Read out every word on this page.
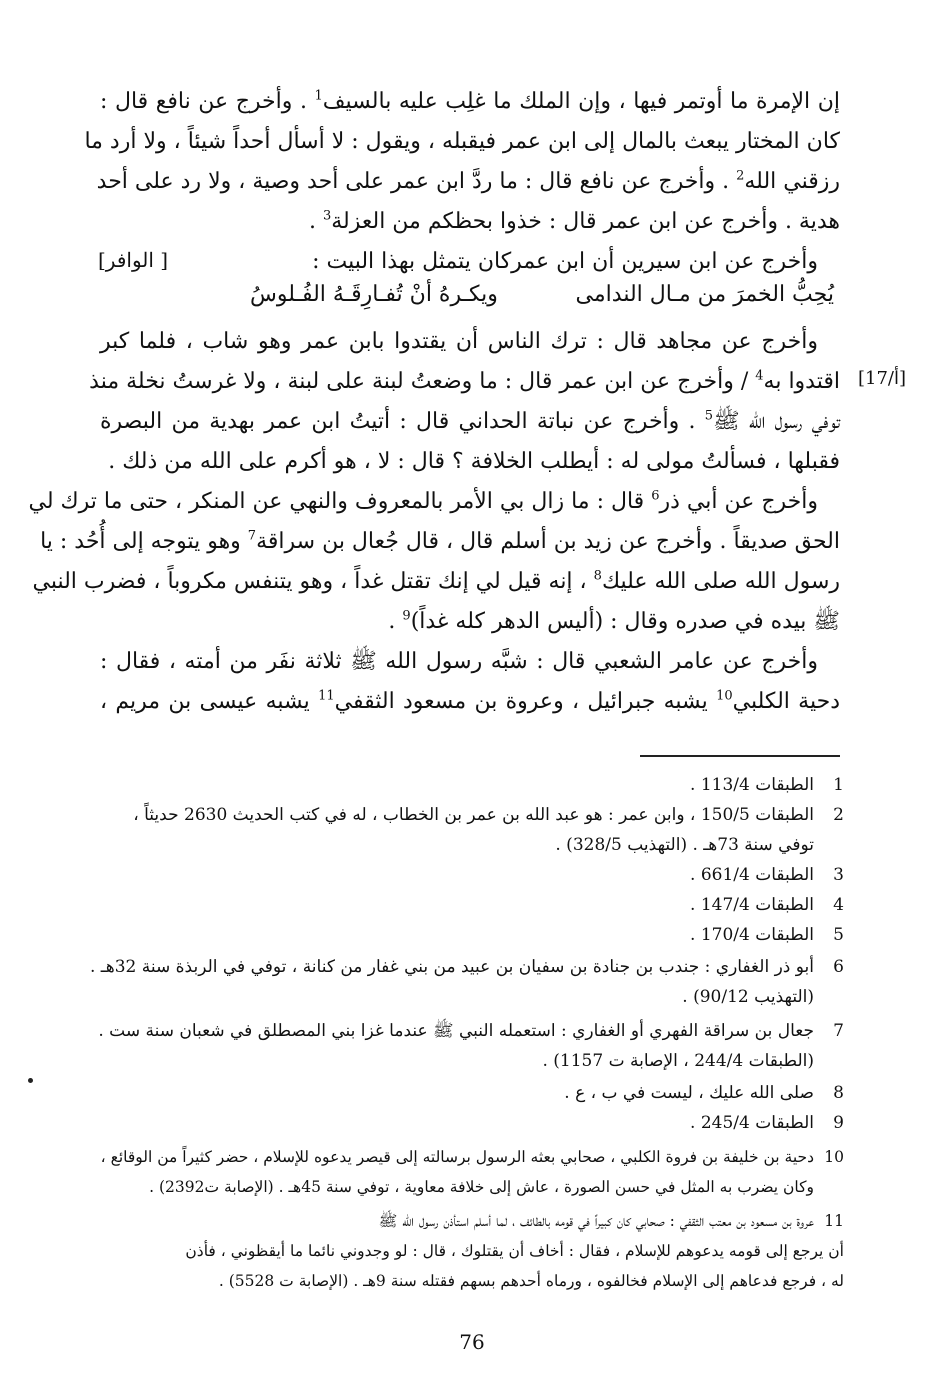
إن الإمرة ما أوتمر فيها ، وإن الملك ما غلِب عليه بالسيف$^1$ . وأخرج عن نافع قال :
كان المختار يبعث بالمال إلى ابن عمر فيقبله ، ويقول : لا أسأل أحداً شيئاً ، ولا أرد ما
رزقني الله$^2$ . وأخرج عن نافع قال : ما ردَّ ابن عمر على أحد وصية ، ولا رد على أحد
هدية . وأخرج عن ابن عمر قال : خذوا بحظكم من العزلة$^3$ .
وأخرج عن ابن سيرين أن ابن عمركان يتمثل بهذا البيت :
وأخرج عن مجاهد قال : ترك الناس أن يقتدوا بابن عمر وهو شاب ، فلما كبر
اقتدوا به$^4$ / وأخرج عن ابن عمر قال : ما وضعتُ لبنة على لبنة ، ولا غرستُ نخلة منذ
توفي رسول الله ﷺ$^5$ . وأخرج عن نباتة الحداني قال : أتيتُ ابن عمر بهدية من البصرة
فقبلها ، فسألتُ مولى له : أيطلب الخلافة ؟ قال : لا ، هو أكرم على الله من ذلك .
وأخرج عن أبي ذر$^6$ قال : ما زال بي الأمر بالمعروف والنهي عن المنكر ، حتى ما ترك لي
الحق صديقاً . وأخرج عن زيد بن أسلم قال ، قال جُعال بن سراقة$^7$ وهو يتوجه إلى أُحُد : يا
رسول الله صلى الله عليك$^8$ ، إنه قيل لي إنك تقتل غداً ، وهو يتنفس مكروباً ، فضرب النبي
ﷺ بيده في صدره وقال : (أليس الدهر كله غداً)$^9$ .
وأخرج عن عامر الشعبي قال : شبَّه رسول الله ﷺ ثلاثة نفَر من أمته ، فقال :
دحية الكلبي$^{10}$ يشبه جبرائيل ، وعروة بن مسعود الثقفي$^{11}$ يشبه عيسى بن مريم ،
[ الوافر]
يُحِبُّ الخمرَ من مـال الندامى
ويكـرهُ أنْ تُفـارِقَـهُ الفُـلوسُ
[17/أ]
1
الطبقات 113/4 .
2
الطبقات 150/5 ، وابن عمر : هو عبد الله بن عمر بن الخطاب ، له في كتب الحديث 2630 حديثاً ،
توفي سنة 73هـ . (التهذيب 328/5) .
3
الطبقات 661/4 .
4
الطبقات 147/4 .
5
الطبقات 170/4 .
6
أبو ذر الغفاري : جندب بن جنادة بن سفيان بن عبيد من بني غفار من كنانة ، توفي في الربذة سنة 32هـ .
(التهذيب 90/12) .
7
جعال بن سراقة الفهري أو الغفاري : استعمله النبي ﷺ عندما غزا بني المصطلق في شعبان سنة ست .
(الطبقات 244/4 ، الإصابة ت 1157) .
8
صلى الله عليك ، ليست في ب ، ع .
9
الطبقات 245/4 .
10
دحية بن خليفة بن فروة الكلبي ، صحابي بعثه الرسول برسالته إلى قيصر يدعوه للإسلام ، حضر كثيراً من الوقائع ،
وكان يضرب به المثل في حسن الصورة ، عاش إلى خلافة معاوية ، توفي سنة 45هـ . (الإصابة ت2392) .
11
عروة بن مسعود بن معتب الثقفي : صحابي كان كبيراً في قومه بالطائف ، لما أسلم استأذن رسول الله ﷺ
أن يرجع إلى قومه يدعوهم للإسلام ، فقال : أخاف أن يقتلوك ، قال : لو وجدوني نائما ما أيقظوني ، فأذن
له ، فرجع فدعاهم إلى الإسلام فخالفوه ، ورماه أحدهم بسهم فقتله سنة 9هـ . (الإصابة ت 5528) .
76
